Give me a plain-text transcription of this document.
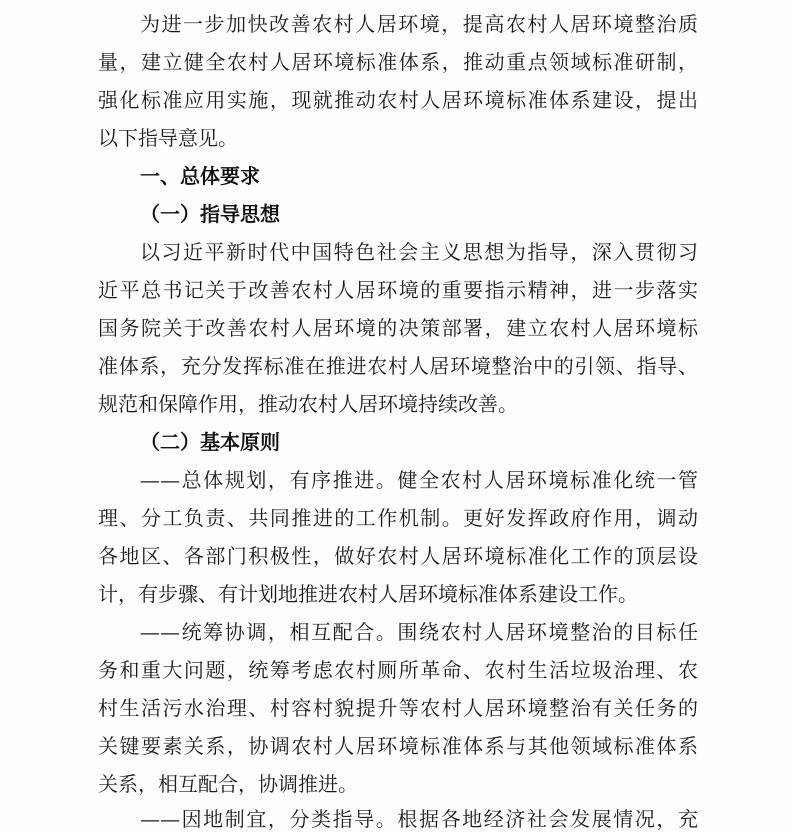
为进一步加快改善农村人居环境，提高农村人居环境整治质
量，建立健全农村人居环境标准体系，推动重点领域标准研制，
强化标准应用实施，现就推动农村人居环境标准体系建设，提出
以下指导意见。
一、总体要求
（一）指导思想
以习近平新时代中国特色社会主义思想为指导，深入贯彻习
近平总书记关于改善农村人居环境的重要指示精神，进一步落实
国务院关于改善农村人居环境的决策部署，建立农村人居环境标
准体系，充分发挥标准在推进农村人居环境整治中的引领、指导、
规范和保障作用，推动农村人居环境持续改善。
（二）基本原则
——总体规划，有序推进。健全农村人居环境标准化统一管
理、分工负责、共同推进的工作机制。更好发挥政府作用，调动
各地区、各部门积极性，做好农村人居环境标准化工作的顶层设
计，有步骤、有计划地推进农村人居环境标准体系建设工作。
——统筹协调，相互配合。围绕农村人居环境整治的目标任
务和重大问题，统筹考虑农村厕所革命、农村生活垃圾治理、农
村生活污水治理、村容村貌提升等农村人居环境整治有关任务的
关键要素关系，协调农村人居环境标准体系与其他领域标准体系
关系，相互配合，协调推进。
——因地制宜，分类指导。根据各地经济社会发展情况，充
